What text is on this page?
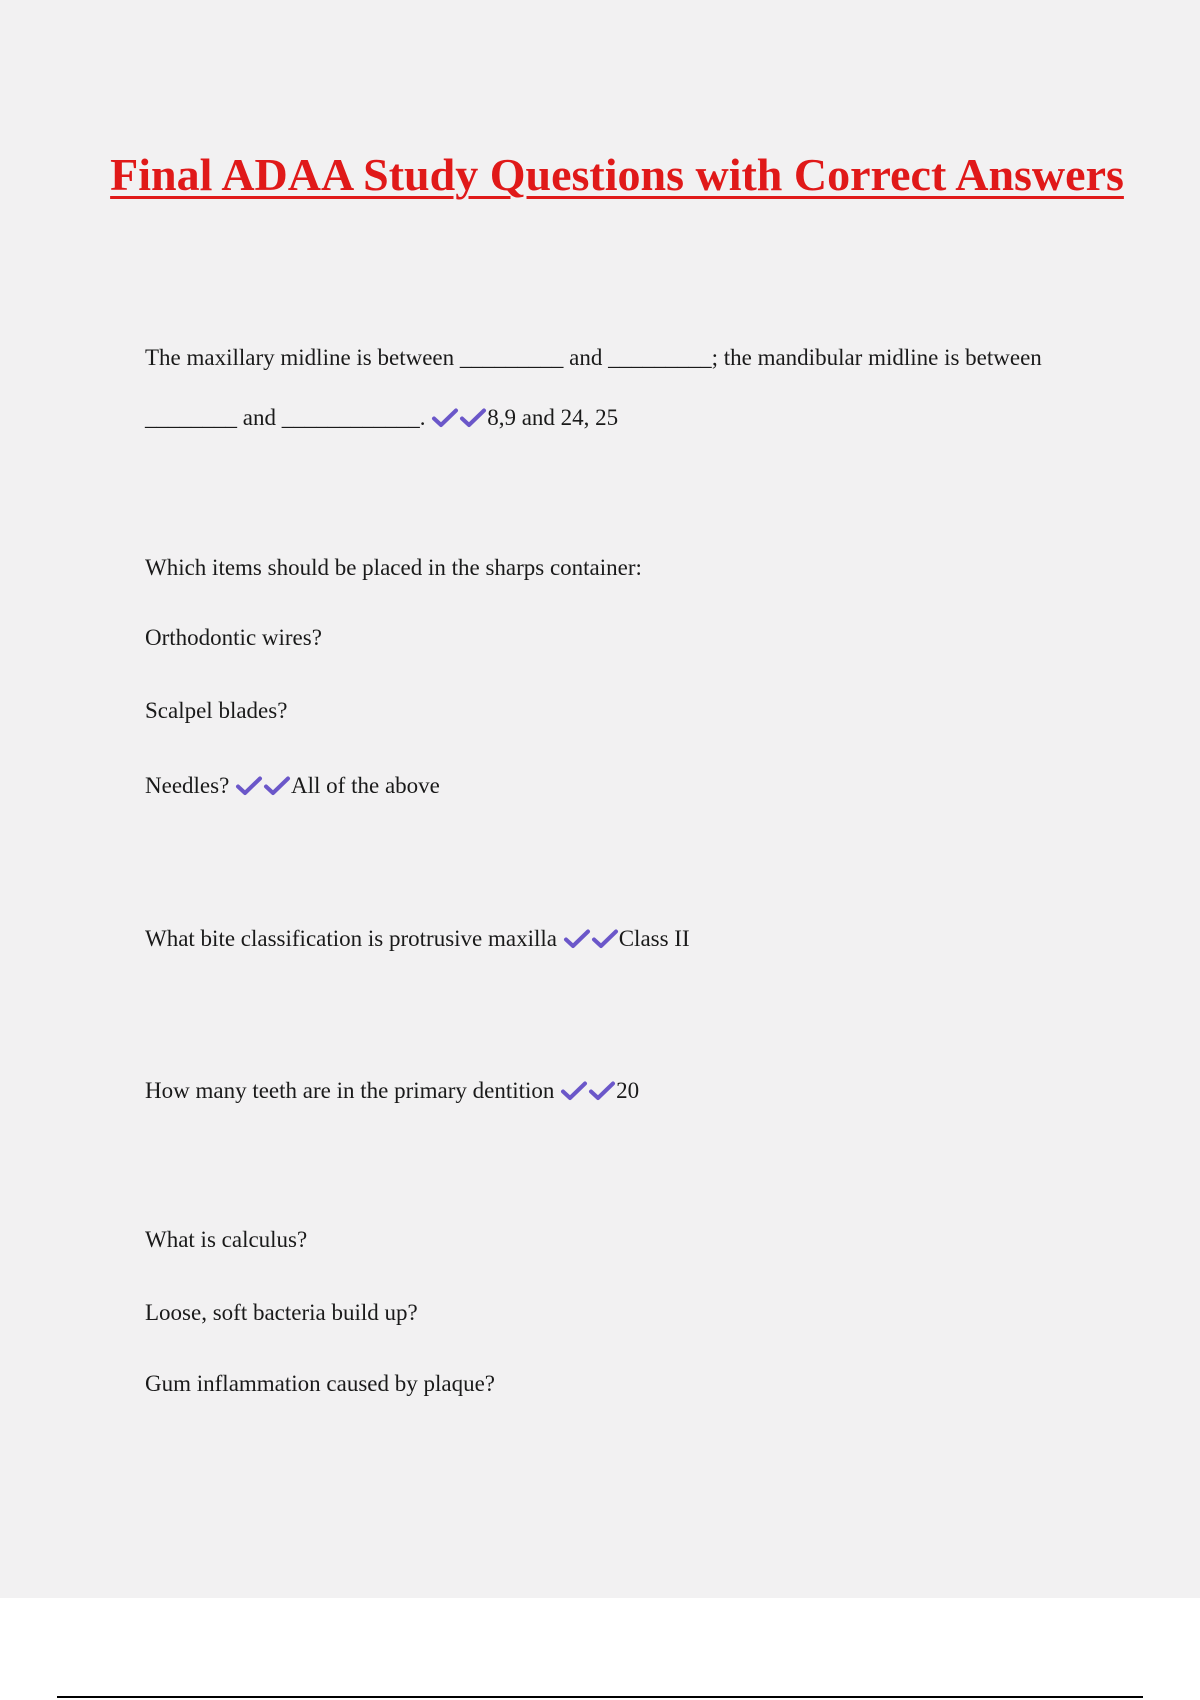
Final ADAA Study Questions with Correct Answers
The maxillary midline is between _________ and _________; the mandibular midline is between
________ and ____________.	8,9 and 24, 25
Which items should be placed in the sharps container:
Orthodontic wires?
Scalpel blades?
Needles?	All of the above
What bite classification is protrusive maxilla	Class II
How many teeth are in the primary dentition	20
What is calculus?
Loose, soft bacteria build up?
Gum inflammation caused by plaque?
